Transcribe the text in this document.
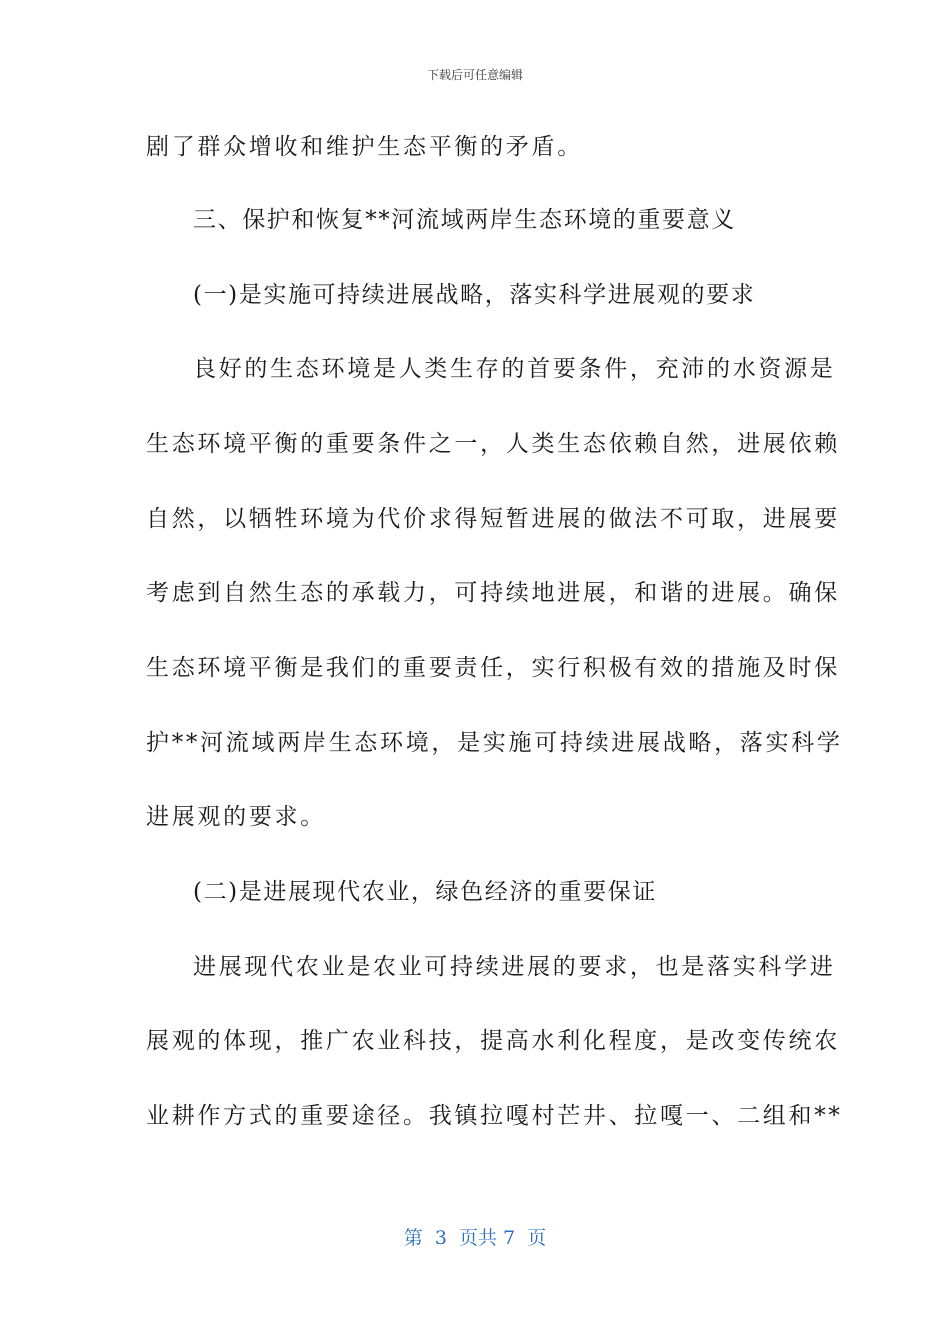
下载后可任意编辑
剧了群众增收和维护生态平衡的矛盾。
三、保护和恢复**河流域两岸生态环境的重要意义
(一)是实施可持续进展战略，落实科学进展观的要求
良好的生态环境是人类生存的首要条件，充沛的水资源是
生态环境平衡的重要条件之一，人类生态依赖自然，进展依赖
自然，以牺牲环境为代价求得短暂进展的做法不可取，进展要
考虑到自然生态的承载力，可持续地进展，和谐的进展。确保
生态环境平衡是我们的重要责任，实行积极有效的措施及时保
护**河流域两岸生态环境，是实施可持续进展战略，落实科学
进展观的要求。
(二)是进展现代农业，绿色经济的重要保证
进展现代农业是农业可持续进展的要求，也是落实科学进
展观的体现，推广农业科技，提高水利化程度，是改变传统农
业耕作方式的重要途径。我镇拉嘎村芒井、拉嘎一、二组和**
第  3  页共 7  页
